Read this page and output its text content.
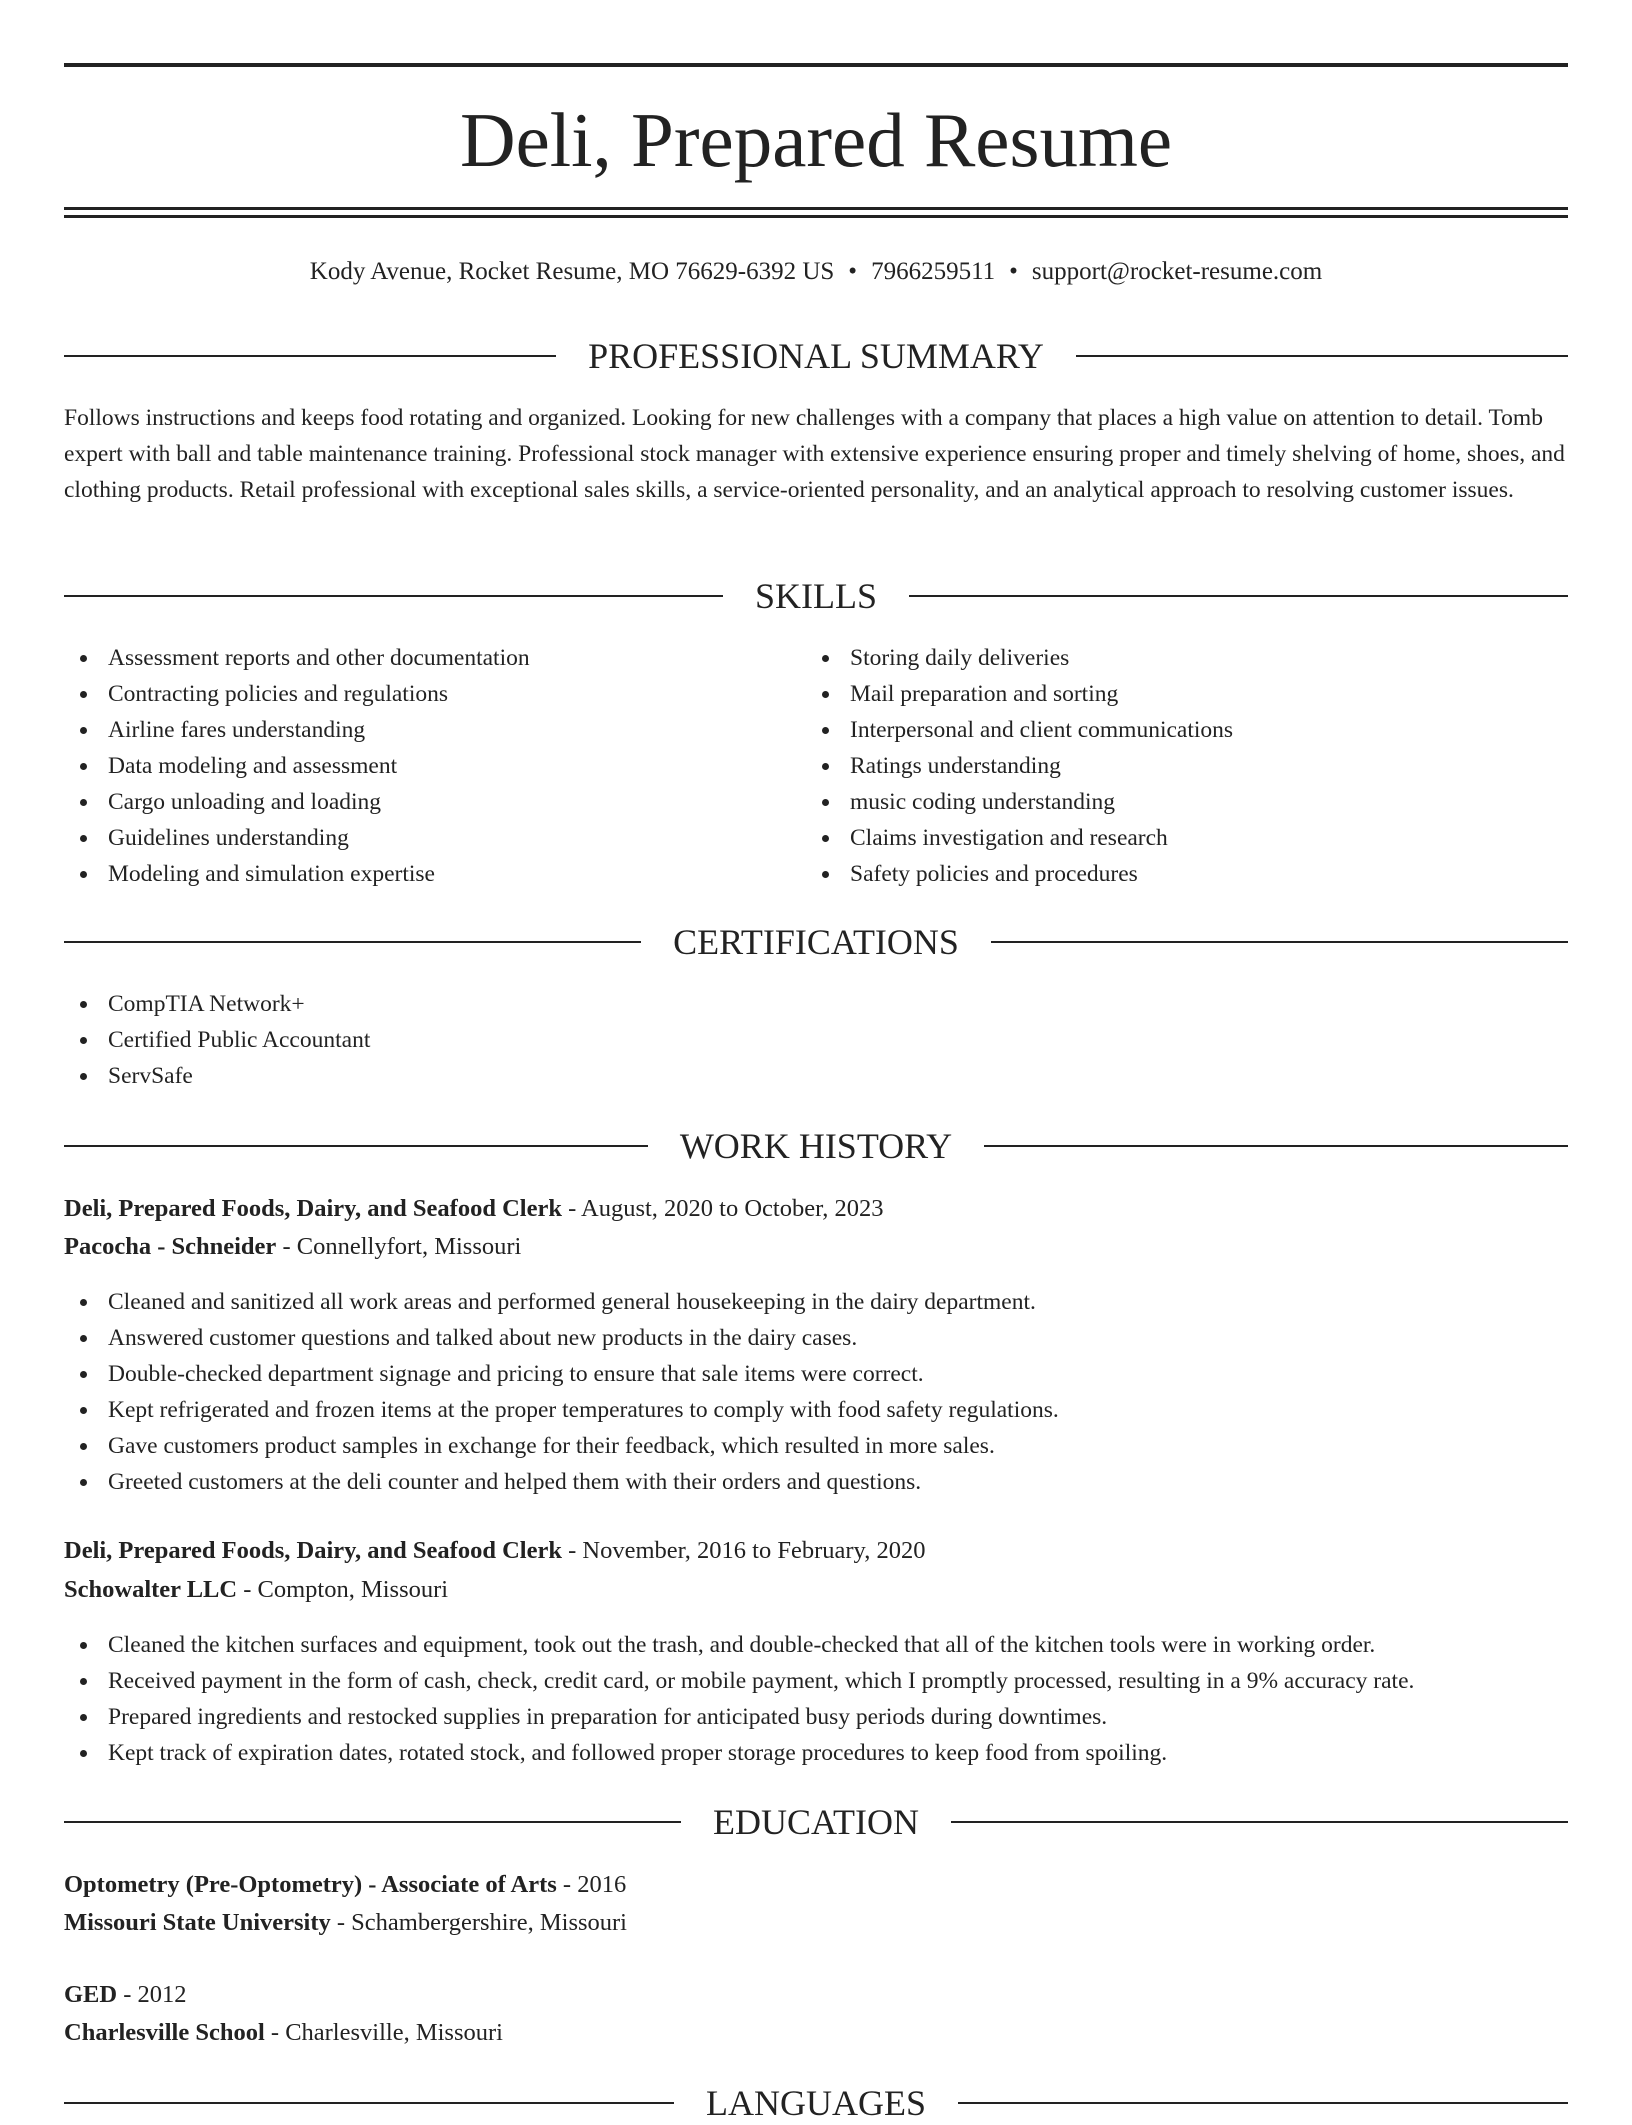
Deli, Prepared Resume
Kody Avenue, Rocket Resume, MO 76629-6392 US • 7966259511 • support@rocket-resume.com
PROFESSIONAL SUMMARY

Follows instructions and keeps food rotating and organized. Looking for new challenges with a company that places a high value on attention to detail. Tomb expert with ball and table maintenance training. Professional stock manager with extensive experience ensuring proper and timely shelving of home, shoes, and clothing products. Retail professional with exceptional sales skills, a service-oriented personality, and an analytical approach to resolving customer issues.

SKILLS
Assessment reports and other documentation
Contracting policies and regulations
Airline fares understanding
Data modeling and assessment
Cargo unloading and loading
Guidelines understanding
Modeling and simulation expertise
Storing daily deliveries
Mail preparation and sorting
Interpersonal and client communications
Ratings understanding
music coding understanding
Claims investigation and research
Safety policies and procedures
CERTIFICATIONS
CompTIA Network+
Certified Public Accountant
ServSafe
WORK HISTORY
Deli, Prepared Foods, Dairy, and Seafood Clerk - August, 2020 to October, 2023
Pacocha - Schneider - Connellyfort, Missouri
Cleaned and sanitized all work areas and performed general housekeeping in the dairy department.
Answered customer questions and talked about new products in the dairy cases.
Double-checked department signage and pricing to ensure that sale items were correct.
Kept refrigerated and frozen items at the proper temperatures to comply with food safety regulations.
Gave customers product samples in exchange for their feedback, which resulted in more sales.
Greeted customers at the deli counter and helped them with their orders and questions.
Deli, Prepared Foods, Dairy, and Seafood Clerk - November, 2016 to February, 2020
Schowalter LLC - Compton, Missouri
Cleaned the kitchen surfaces and equipment, took out the trash, and double-checked that all of the kitchen tools were in working order.
Received payment in the form of cash, check, credit card, or mobile payment, which I promptly processed, resulting in a 9% accuracy rate.
Prepared ingredients and restocked supplies in preparation for anticipated busy periods during downtimes.
Kept track of expiration dates, rotated stock, and followed proper storage procedures to keep food from spoiling.
EDUCATION
Optometry (Pre-Optometry) - Associate of Arts - 2016
Missouri State University - Schambergershire, Missouri
GED - 2012
Charlesville School - Charlesville, Missouri
LANGUAGES
